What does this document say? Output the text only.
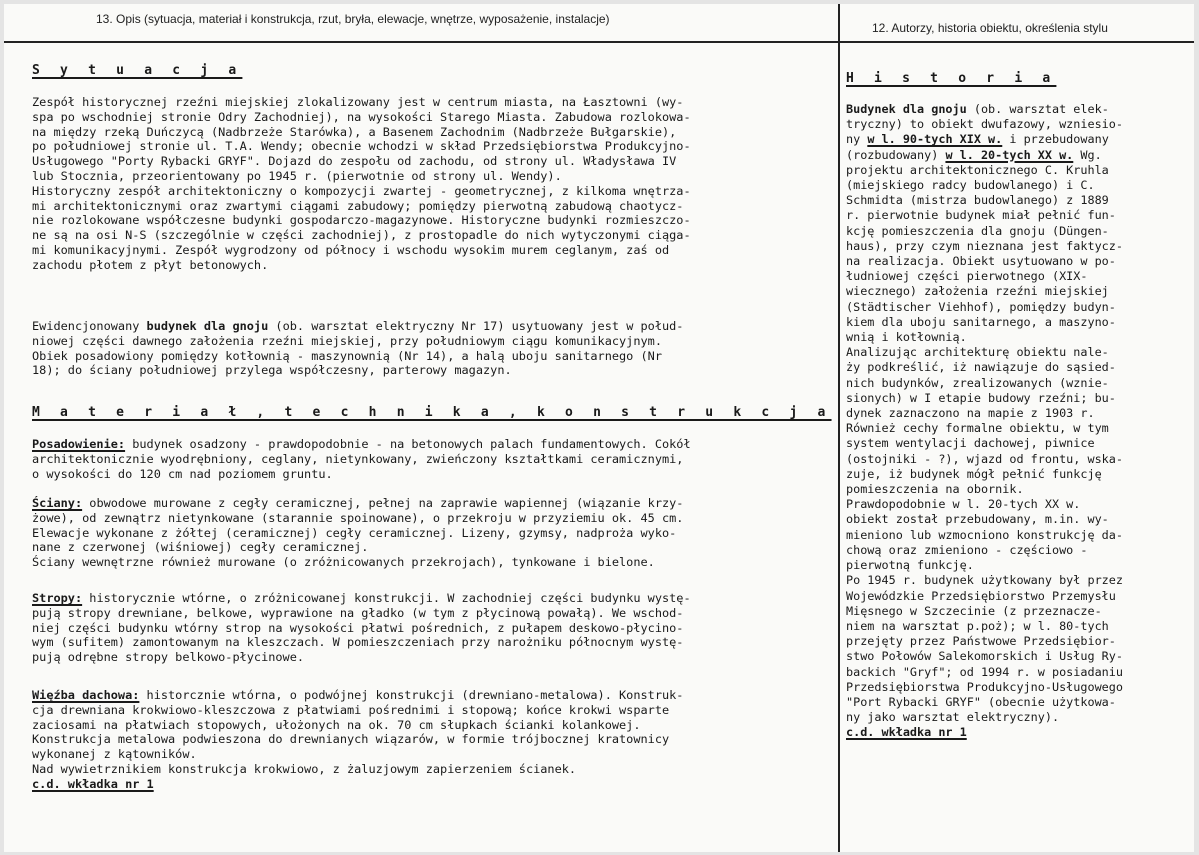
13. Opis (sytuacja, materiał i konstrukcja, rzut, bryła, elewacje, wnętrze, wyposażenie, instalacje)
12. Autorzy, historia obiektu, określenia stylu
S y t u a c j a
Zespół historycznej rzeźni miejskiej zlokalizowany jest w centrum miasta, na Łasztowni (wy-
spa po wschodniej stronie Odry Zachodniej), na wysokości Starego Miasta. Zabudowa rozlokowa-
na między rzeką Duńczycą (Nadbrzeże Starówka), a Basenem Zachodnim (Nadbrzeże Bułgarskie),
po południowej stronie ul. T.A. Wendy; obecnie wchodzi w skład Przedsiębiorstwa Produkcyjno-
Usługowego "Porty Rybacki GRYF". Dojazd do zespołu od zachodu, od strony ul. Władysława IV
lub Stocznia, przeorientowany po 1945 r. (pierwotnie od strony ul. Wendy).
Historyczny zespół architektoniczny o kompozycji zwartej - geometrycznej, z kilkoma wnętrza-
mi architektonicznymi oraz zwartymi ciągami zabudowy; pomiędzy pierwotną zabudową chaotycz-
nie rozlokowane współczesne budynki gospodarczo-magazynowe. Historyczne budynki rozmieszczo-
ne są na osi N-S (szczególnie w części zachodniej), z prostopadle do nich wytyczonymi ciąga-
mi komunikacyjnymi. Zespół wygrodzony od północy i wschodu wysokim murem ceglanym, zaś od
zachodu płotem z płyt betonowych.
Ewidencjonowany budynek dla gnoju (ob. warsztat elektryczny Nr 17) usytuowany jest w połud-
niowej części dawnego założenia rzeźni miejskiej, przy południowym ciągu komunikacyjnym.
Obiek posadowiony pomiędzy kotłownią - maszynownią (Nr 14), a halą uboju sanitarnego (Nr
18); do ściany południowej przylega współczesny, parterowy magazyn.
M a t e r i a ł , t e c h n i k a , k o n s t r u k c j a
Posadowienie: budynek osadzony - prawdopodobnie - na betonowych palach fundamentowych. Cokół
architektonicznie wyodrębniony, ceglany, nietynkowany, zwieńczony kształtkami ceramicznymi,
o wysokości do 120 cm nad poziomem gruntu.
Ściany: obwodowe murowane z cegły ceramicznej, pełnej na zaprawie wapiennej (wiązanie krzy-
żowe), od zewnątrz nietynkowane (starannie spoinowane), o przekroju w przyziemiu ok. 45 cm.
Elewacje wykonane z żółtej (ceramicznej) cegły ceramicznej. Lizeny, gzymsy, nadproża wyko-
nane z czerwonej (wiśniowej) cegły ceramicznej.
Ściany wewnętrzne również murowane (o zróżnicowanych przekrojach), tynkowane i bielone.
Stropy: historycznie wtórne, o zróżnicowanej konstrukcji. W zachodniej części budynku wystę-
pują stropy drewniane, belkowe, wyprawione na gładko (w tym z płycinową powałą). We wschod-
niej części budynku wtórny strop na wysokości płatwi pośrednich, z pułapem deskowo-płycino-
wym (sufitem) zamontowanym na kleszczach. W pomieszczeniach przy narożniku północnym wystę-
pują odrębne stropy belkowo-płycinowe.
Więźba dachowa: historcznie wtórna, o podwójnej konstrukcji (drewniano-metalowa). Konstruk-
cja drewniana krokwiowo-kleszczowa z płatwiami pośrednimi i stopową; końce krokwi wsparte
zaciosami na płatwiach stopowych, ułożonych na ok. 70 cm słupkach ścianki kolankowej.
Konstrukcja metalowa podwieszona do drewnianych wiązarów, w formie trójbocznej kratownicy
wykonanej z kątowników.
Nad wywietrznikiem konstrukcja krokwiowo, z żaluzjowym zapierzeniem ścianek.
c.d. wkładka nr 1
H i s t o r i a
Budynek dla gnoju (ob. warsztat elek-
tryczny) to obiekt dwufazowy, wzniesio-
ny w l. 90-tych XIX w. i przebudowany
(rozbudowany) w l. 20-tych XX w. Wg.
projektu architektonicznego C. Kruhla
(miejskiego radcy budowlanego) i C.
Schmidta (mistrza budowlanego) z 1889
r. pierwotnie budynek miał pełnić fun-
kcję pomieszczenia dla gnoju (Düngen-
haus), przy czym nieznana jest faktycz-
na realizacja. Obiekt usytuowano w po-
łudniowej części pierwotnego (XIX-
wiecznego) założenia rzeźni miejskiej
(Städtischer Viehhof), pomiędzy budyn-
kiem dla uboju sanitarnego, a maszyno-
wnią i kotłownią.
Analizując architekturę obiektu nale-
ży podkreślić, iż nawiązuje do sąsied-
nich budynków, zrealizowanych (wznie-
sionych) w I etapie budowy rzeźni; bu-
dynek zaznaczono na mapie z 1903 r.
Również cechy formalne obiektu, w tym
system wentylacji dachowej, piwnice
(ostojniki - ?), wjazd od frontu, wska-
zuje, iż budynek mógł pełnić funkcję
pomieszczenia na obornik.
Prawdopodobnie w l. 20-tych XX w.
obiekt został przebudowany, m.in. wy-
mieniono lub wzmocniono konstrukcję da-
chową oraz zmieniono - częściowo -
pierwotną funkcję.
Po 1945 r. budynek użytkowany był przez
Wojewódzkie Przedsiębiorstwo Przemysłu
Mięsnego w Szczecinie (z przeznacze-
niem na warsztat p.poż); w l. 80-tych
przejęty przez Państwowe Przedsiębior-
stwo Połowów Salekomorskich i Usług Ry-
backich "Gryf"; od 1994 r. w posiadaniu
Przedsiębiorstwa Produkcyjno-Usługowego
"Port Rybacki GRYF" (obecnie użytkowa-
ny jako warsztat elektryczny).
c.d. wkładka nr 1
